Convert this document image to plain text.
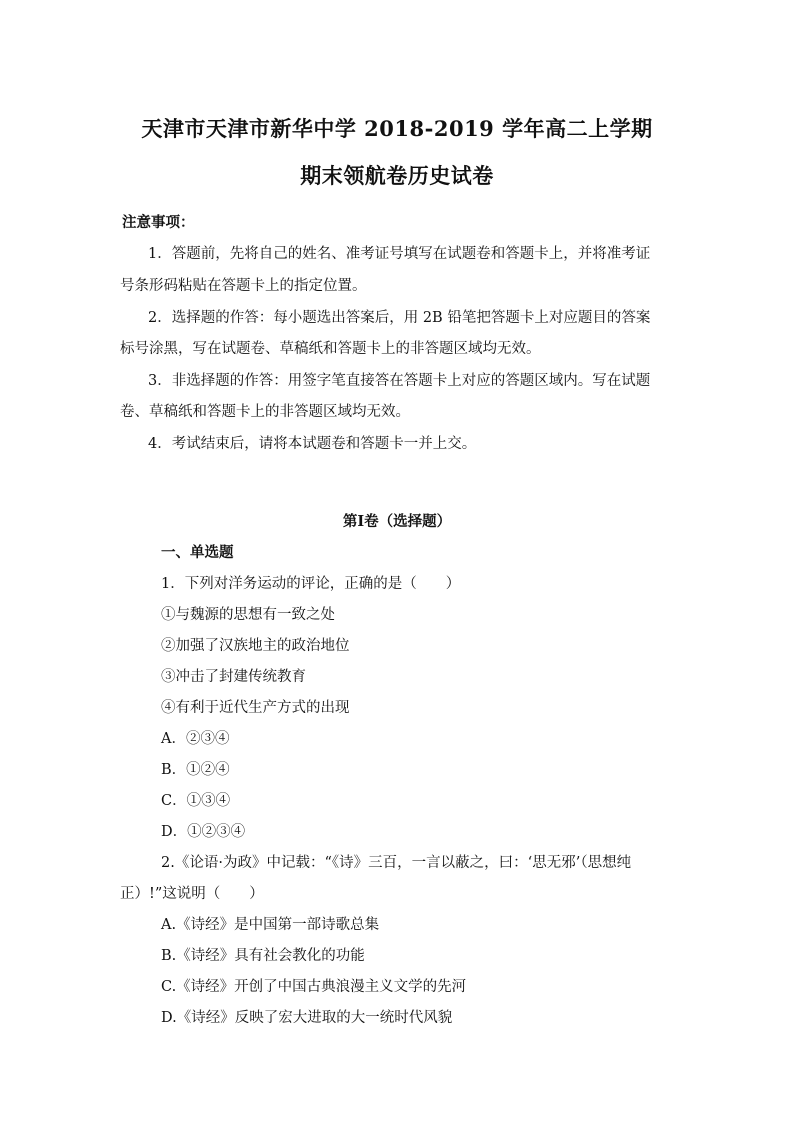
天津市天津市新华中学 2018-2019 学年高二上学期
期末领航卷历史试卷
注意事项：
1．答题前，先将自己的姓名、准考证号填写在试题卷和答题卡上，并将准考证
号条形码粘贴在答题卡上的指定位置。
2．选择题的作答：每小题选出答案后，用 2B 铅笔把答题卡上对应题目的答案
标号涂黑，写在试题卷、草稿纸和答题卡上的非答题区域均无效。
3．非选择题的作答：用签字笔直接答在答题卡上对应的答题区域内。写在试题
卷、草稿纸和答题卡上的非答题区域均无效。
4．考试结束后，请将本试题卷和答题卡一并上交。
第Ⅰ卷（选择题）
一、单选题
1．下列对洋务运动的评论，正确的是（　　）
①与魏源的思想有一致之处
②加强了汉族地主的政治地位
③冲击了封建传统教育
④有利于近代生产方式的出现
A．②③④
B．①②④
C．①③④
D．①②③④
2.《论语·为政》中记载：“《诗》三百，一言以蔽之，曰：‘思无邪’（思想纯
正）!”这说明（　　）
A.《诗经》是中国第一部诗歌总集
B.《诗经》具有社会教化的功能
C.《诗经》开创了中国古典浪漫主义文学的先河
D.《诗经》反映了宏大进取的大一统时代风貌
